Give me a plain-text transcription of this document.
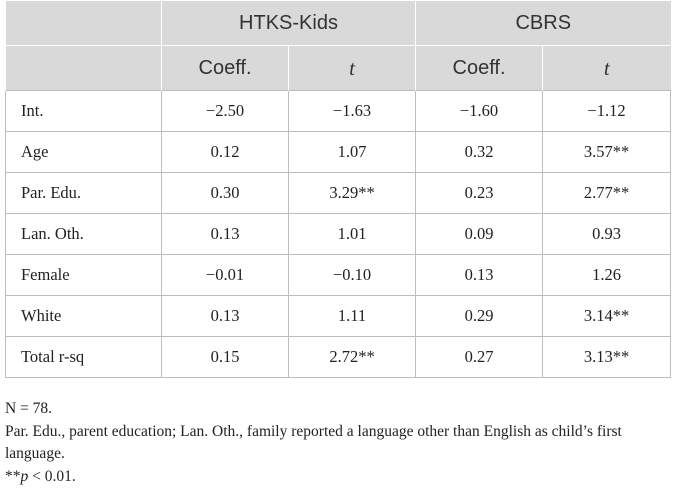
	HTKS-Kids		CBRS	
	Coeff.	t	Coeff.	t
Int.	−2.50	−1.63	−1.60	−1.12
Age	0.12	1.07	0.32	3.57**
Par. Edu.	0.30	3.29**	0.23	2.77**
Lan. Oth.	0.13	1.01	0.09	0.93
Female	−0.01	−0.10	0.13	1.26
White	0.13	1.11	0.29	3.14**
Total r-sq	0.15	2.72**	0.27	3.13**

N = 78.

Par. Edu., parent education; Lan. Oth., family reported a language other than English as child’s first language.

**p < 0.01.
